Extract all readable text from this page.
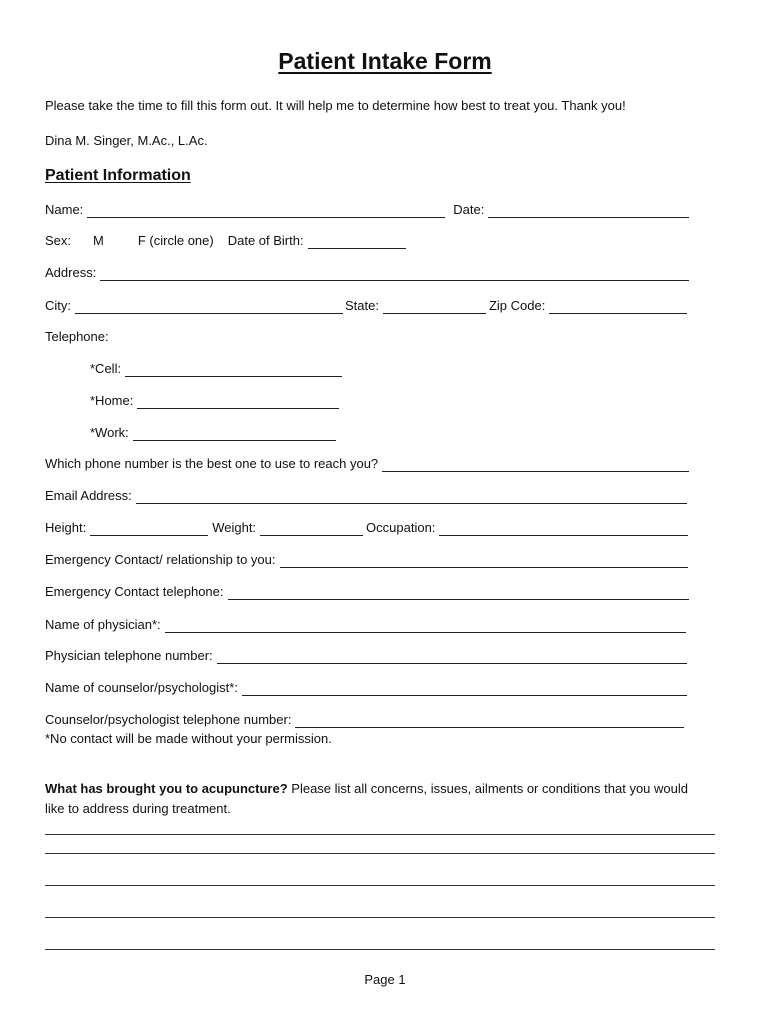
Patient Intake Form
Please take the time to fill this form out. It will help me to determine how best to treat you. Thank you!
Dina M. Singer, M.Ac., L.Ac.
Patient Information
Name:	Date:
Sex: M	F (circle one) Date of Birth:
Address:
City:	State:	Zip Code:
Telephone:
*Cell:
*Home:
*Work:
Which phone number is the best one to use to reach you?
Email Address:
Height:	Weight:	Occupation:
Emergency Contact/ relationship to you:
Emergency Contact telephone:
Name of physician*:
Physician telephone number:
Name of counselor/psychologist*:
Counselor/psychologist telephone number:
*No contact will be made without your permission.
What has brought you to acupuncture? Please list all concerns, issues, ailments or conditions that you would
like to address during treatment.
Page 1
